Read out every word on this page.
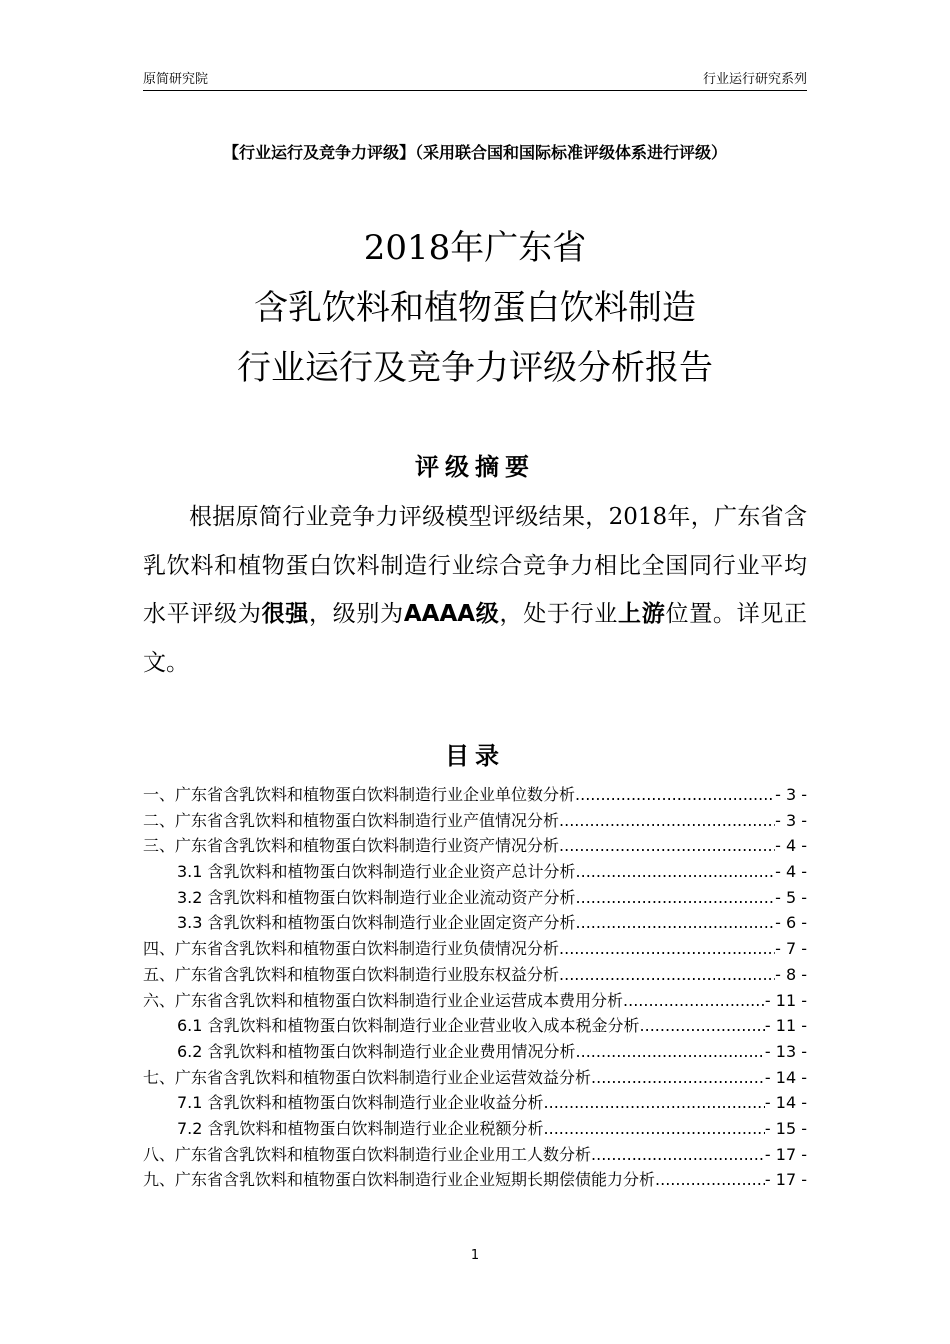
原简研究院	行业运行研究系列
【行业运行及竞争力评级】（采用联合国和国际标准评级体系进行评级）
2018年广东省
含乳饮料和植物蛋白饮料制造
行业运行及竞争力评级分析报告
评级摘要
根据原简行业竞争力评级模型评级结果，2018年，广东省含乳饮料和植物蛋白饮料制造行业综合竞争力相比全国同行业平均水平评级为很强，级别为AAAA级，处于行业上游位置。详见正文。
目录
一、广东省含乳饮料和植物蛋白饮料制造行业企业单位数分析 .....	- 3 -
二、广东省含乳饮料和植物蛋白饮料制造行业产值情况分析 .....	- 3 -
三、广东省含乳饮料和植物蛋白饮料制造行业资产情况分析 .....	- 4 -
3.1 含乳饮料和植物蛋白饮料制造行业企业资产总计分析 .....	- 4 -
3.2 含乳饮料和植物蛋白饮料制造行业企业流动资产分析 .....	- 5 -
3.3 含乳饮料和植物蛋白饮料制造行业企业固定资产分析 .....	- 6 -
四、广东省含乳饮料和植物蛋白饮料制造行业负债情况分析 .....	- 7 -
五、广东省含乳饮料和植物蛋白饮料制造行业股东权益分析 .....	- 8 -
六、广东省含乳饮料和植物蛋白饮料制造行业企业运营成本费用分析 .....	- 11 -
6.1 含乳饮料和植物蛋白饮料制造行业企业营业收入成本税金分析 .....	- 11 -
6.2 含乳饮料和植物蛋白饮料制造行业企业费用情况分析 .....	- 13 -
七、广东省含乳饮料和植物蛋白饮料制造行业企业运营效益分析 .....	- 14 -
7.1 含乳饮料和植物蛋白饮料制造行业企业收益分析 .....	- 14 -
7.2 含乳饮料和植物蛋白饮料制造行业企业税额分析 .....	- 15 -
八、广东省含乳饮料和植物蛋白饮料制造行业企业用工人数分析 .....	- 17 -
九、广东省含乳饮料和植物蛋白饮料制造行业企业短期长期偿债能力分析 .....	- 17 -
1
